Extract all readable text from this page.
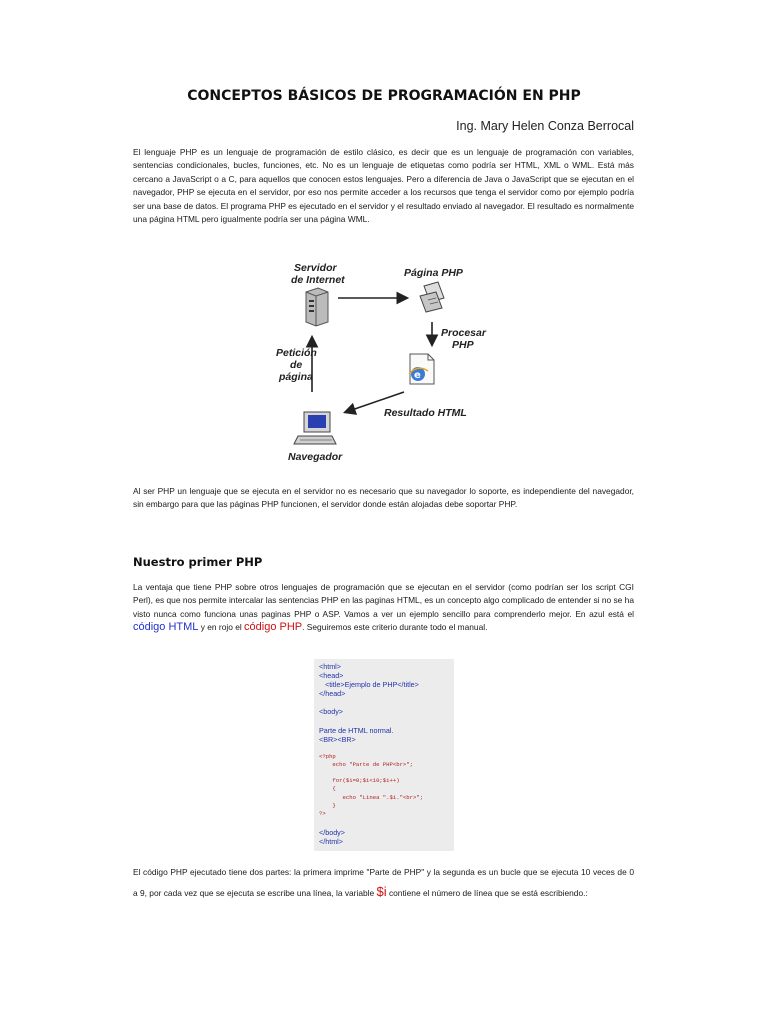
CONCEPTOS BÁSICOS DE PROGRAMACIÓN EN PHP
Ing. Mary Helen Conza Berrocal

El lenguaje PHP es un lenguaje de programación de estilo clásico, es decir que es un lenguaje de programación con variables, sentencias condicionales, bucles, funciones, etc. No es un lenguaje de etiquetas como podría ser HTML, XML o WML. Está más cercano a JavaScript o a C, para aquellos que conocen estos lenguajes. Pero a diferencia de Java o JavaScript que se ejecutan en el navegador, PHP se ejecuta en el servidor, por eso nos permite acceder a los recursos que tenga el servidor como por ejemplo podría ser una base de datos. El programa PHP es ejecutado en el servidor y el resultado enviado al navegador. El resultado es normalmente una página HTML pero igualmente podría ser una página WML.

Servidor
de Internet
Página PHP
Procesar
PHP
e
Resultado HTML
Navegador
Petición
de
página

Al ser PHP un lenguaje que se ejecuta en el servidor no es necesario que su navegador lo soporte, es independiente del navegador, sin embargo para que las páginas PHP funcionen, el servidor donde están alojadas debe soportar PHP.

Nuestro primer PHP

La ventaja que tiene PHP sobre otros lenguajes de programación que se ejecutan en el servidor (como podrían ser los script CGI Perl), es que nos permite intercalar las sentencias PHP en las paginas HTML, es un concepto algo complicado de entender si no se ha visto nunca como funciona unas paginas PHP o ASP. Vamos a ver un ejemplo sencillo para comprenderlo mejor. En azul está el código HTML y en rojo el código PHP. Seguiremos este criterio durante todo el manual.

<html>
<head>
<title>Ejemplo de PHP</title>
</head>
<body>
Parte de HTML normal.
<BR><BR>
<?php
echo "Parte de PHP<br>";
for($i=0;$i<10;$i++)
{
echo "Linea ".$i."<br>";
}
?>
</body>
</html>

El código PHP ejecutado tiene dos partes: la primera imprime "Parte de PHP" y la segunda es un bucle que se ejecuta 10 veces de 0 a 9, por cada vez que se ejecuta se escribe una línea, la variable $i contiene el número de línea que se está escribiendo.:
